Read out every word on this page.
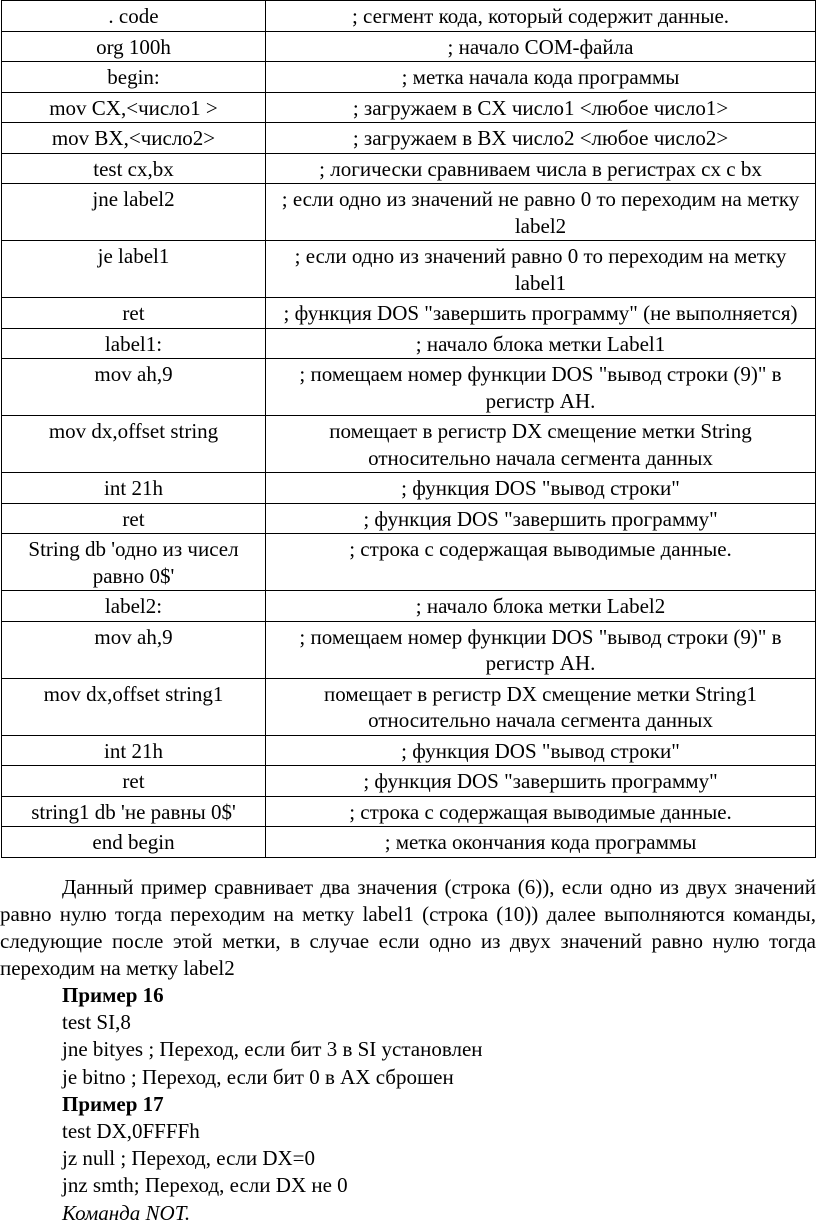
. code	; сегмент кода, который содержит данные.
org 100h	; начало COM-файла
begin:	; метка начала кода программы
mov CX,<число1 >	; загружаем в CX число1 <любое число1>
mov BX,<число2>	; загружаем в BX число2 <любое число2>
test cx,bx	; логически сравниваем числа в регистрах cx c bx
jne label2	; если одно из значений не равно 0 то переходим на метку label2
je label1	; если одно из значений равно 0 то переходим на метку label1
ret	; функция DOS "завершить программу" (не выполняется)
label1:	; начало блока метки Label1
mov ah,9	; помещаем номер функции DOS "вывод строки (9)" в регистр AH.
mov dx,offset string	помещает в регистр DX смещение метки String относительно начала сегмента данных
int 21h	; функция DOS "вывод строки"
ret	; функция DOS "завершить программу"
String db 'одно из чисел равно 0$'	; строка с содержащая выводимые данные.
label2:	; начало блока метки Label2
mov ah,9	; помещаем номер функции DOS "вывод строки (9)" в регистр AH.
mov dx,offset string1	помещает в регистр DX смещение метки String1 относительно начала сегмента данных
int 21h	; функция DOS "вывод строки"
ret	; функция DOS "завершить программу"
string1 db 'не равны 0$'	; строка с содержащая выводимые данные.
end begin	; метка окончания кода программы
Данный пример сравнивает два значения (строка (6)), если одно из двух значений равно нулю тогда переходим на метку label1 (строка (10)) далее выполняются команды, следующие после этой метки, в случае если одно из двух значений равно нулю тогда переходим на метку label2
Пример 16
test SI,8
jne bityes ; Переход, если бит 3 в SI установлен
je bitno ; Переход, если бит 0 в AX сброшен
Пример 17
test DX,0FFFFh
jz null ; Переход, если DX=0
jnz smth; Переход, если DX не 0
Команда NOT.
